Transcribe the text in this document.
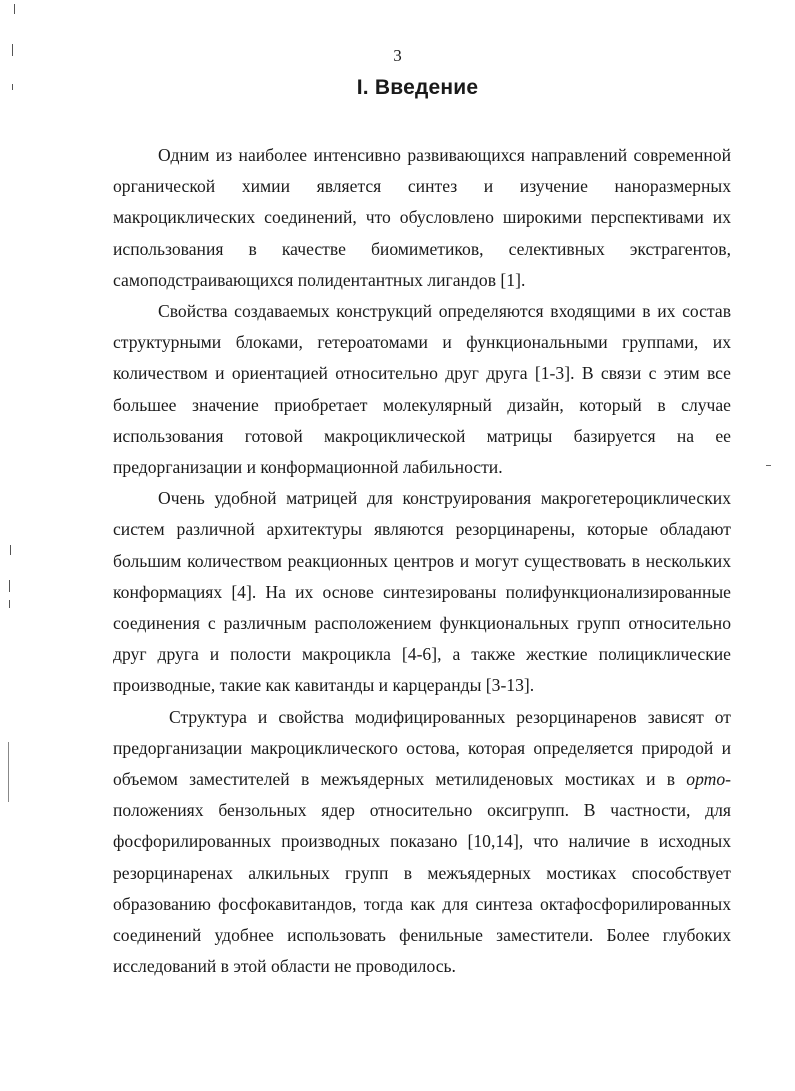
3
I. Введение

Одним из наиболее интенсивно развивающихся направлений современной органической химии является синтез и изучение наноразмерных макроциклических соединений, что обусловлено широкими перспективами их использования в качестве биомиметиков, селективных экстрагентов, самоподстраивающихся полидентантных лигандов [1].

Свойства создаваемых конструкций определяются входящими в их состав структурными блоками, гетероатомами и функциональными группами, их количеством и ориентацией относительно друг друга [1-3]. В связи с этим все большее значение приобретает молекулярный дизайн, который в случае использования готовой макроциклической матрицы базируется на ее предорганизации и конформационной лабильности.

Очень удобной матрицей для конструирования макрогетероциклических систем различной архитектуры являются резорцинарены, которые обладают большим количеством реакционных центров и могут существовать в нескольких конформациях [4]. На их основе синтезированы полифункционализированные соединения с различным расположением функциональных групп относительно друг друга и полости макроцикла [4-6], а также жесткие полициклические производные, такие как кавитанды и карцеранды [3-13].

Структура и свойства модифицированных резорцинаренов зависят от предорганизации макроциклического остова, которая определяется природой и объемом заместителей в межъядерных метилиденовых мостиках и в орто-положениях бензольных ядер относительно оксигрупп. В частности, для фосфорилированных производных показано [10,14], что наличие в исходных резорцинаренах алкильных групп в межъядерных мостиках способствует образованию фосфокавитандов, тогда как для синтеза октафосфорилированных соединений удобнее использовать фенильные заместители. Более глубоких исследований в этой области не проводилось.
